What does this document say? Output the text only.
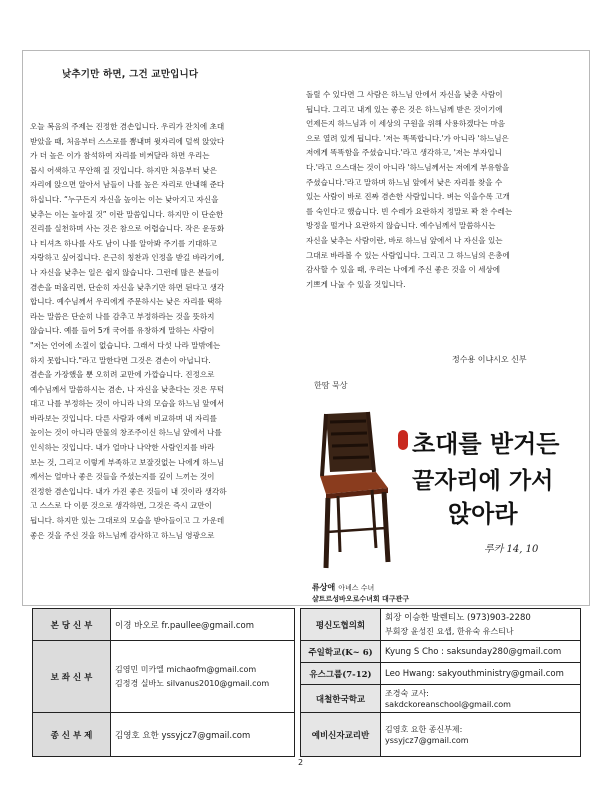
낮추기만 하면, 그건 교만입니다
오늘 복음의 주제는 진정한 겸손입니다. 우리가 잔치에 초대
받았을 때, 처음부터 스스로를 뽐내며 윗자리에 덜썩 앉았다
가 더 높은 이가 참석하여 자리를 비켜달라 하면 우리는
몹시 어색하고 무안해 질 것입니다. 하지만 처음부터 낮은
자리에 앉으면 알아서 남들이 나를 높은 자리로 안내해 준다
하십니다. “누구든지 자신을 높이는 이는 낮아지고 자신을
낮추는 이는 높아질 것” 이란 말씀입니다. 하지만 이 단순한
진리를 실천하며 사는 것은 참으로 어렵습니다. 작은 운동화
나 티셔츠 하나를 사도 남이 나를 알아봐 주기를 기대하고
자랑하고 싶어집니다. 은근히 칭찬과 인정을 받길 바라기에,
나 자신을 낮추는 일은 쉽지 않습니다. 그런데 많은 분들이
겸손을 떠올리면, 단순히 자신을 낮추기만 하면 된다고 생각
합니다. 예수님께서 우리에게 주문하시는 낮은 자리를 택하
라는 말씀은 단순히 나를 감추고 부정하라는 것을 뜻하지
않습니다. 예를 들어 5개 국어를 유창하게 말하는 사람이
"저는 언어에 소질이 없습니다. 그래서 다섯 나라 말밖에는
하지 못합니다."라고 말한다면 그것은 겸손이 아닙니다.
겸손을 가장했을 뿐 오히려 교만에 가깝습니다. 진정으로
예수님께서 말씀하시는 겸손, 나 자신을 낮춘다는 것은 무턱
대고 나를 부정하는 것이 아니라 나의 모습을 하느님 앞에서
바라보는 것입니다. 다른 사람과 얘써 비교하며 내 자리를
높이는 것이 아니라 만물의 창조주이신 하느님 앞에서 나를
인식하는 것입니다. 내가 얼마나 나약한 사람인지를 바라
보는 것, 그리고 이렇게 부족하고 보잘것없는 나에게 하느님
께서는 얼마나 좋은 것들을 주셨는지를 깊이 느끼는 것이
진정한 겸손입니다. 내가 가진 좋은 것들이 내 것이라 생각하
고 스스로 다 이룬 것으로 생각하면, 그것은 즉시 교만이
됩니다. 하지만 있는 그대로의 모습을 받아들이고 그 가운데
좋은 것을 주신 것을 하느님께 감사하고 하느님 영광으로
돌릴 수 있다면 그 사람은 하느님 안에서 자신을 낮춘 사람이
됩니다. 그리고 내게 있는 좋은 것은 하느님께 받은 것이기에
언제든지 하느님과 이 세상의 구원을 위해 사용하겠다는 마음
으로 열려 있게 됩니다. '저는 똑똑합니다.'가 아니라 '하느님은
저에게 똑똑함을 주셨습니다.'라고 생각하고, '저는 부자입니
다.'라고 으스대는 것이 아니라 '하느님께서는 저에게 부유함을
주셨습니다.'라고 말하며 하느님 앞에서 낮은 자리를 찾을 수
있는 사람이 바로 진짜 겸손한 사람입니다. 벼는 익을수록 고개
를 숙인다고 했습니다. 빈 수레가 요란하지 정말로 꽉 찬 수레는
방정을 떨거나 요란하지 않습니다. 예수님께서 말씀하시는
자신을 낮추는 사람이란, 바로 하느님 앞에서 나 자신을 있는
그대로 바라볼 수 있는 사람입니다. 그리고 그 하느님의 은총에
감사할 수 있을 때, 우리는 나에게 주신 좋은 것을 이 세상에
기쁘게 나눌 수 있을 것입니다.
정수용 이냐시오 신부
한땀 묵상
초대를 받거든
끝자리에 가서
앉아라
루카 14, 10
류상애 아녜스 수녀
샬트르성바오로수녀회 대구관구
본 당 신 부	이경 바오로 fr.paullee@gmail.com		평신도협의회	회장 이승한 발렌티노 (973)903-2280
부회장 윤성진 요셉, 한유숙 유스티나

보 좌 신 부	김영민 미카엘 michaofm@gmail.com
김정경 실바노 silvanus2010@gmail.com		주일학교(K~ 6)	Kyung S Cho : saksunday280@gmail.com
			유스그룹(7-12)	Leo Hwang: sakyouthministry@gmail.com
			대철한국학교	조경숙 교사:
sakdckoreanschool@gmail.com

종 신 부 제	김영호 요한 yssyjcz7@gmail.com		예비신자교리반	김영호 요한 종신부제:
yssyjcz7@gmail.com
2
